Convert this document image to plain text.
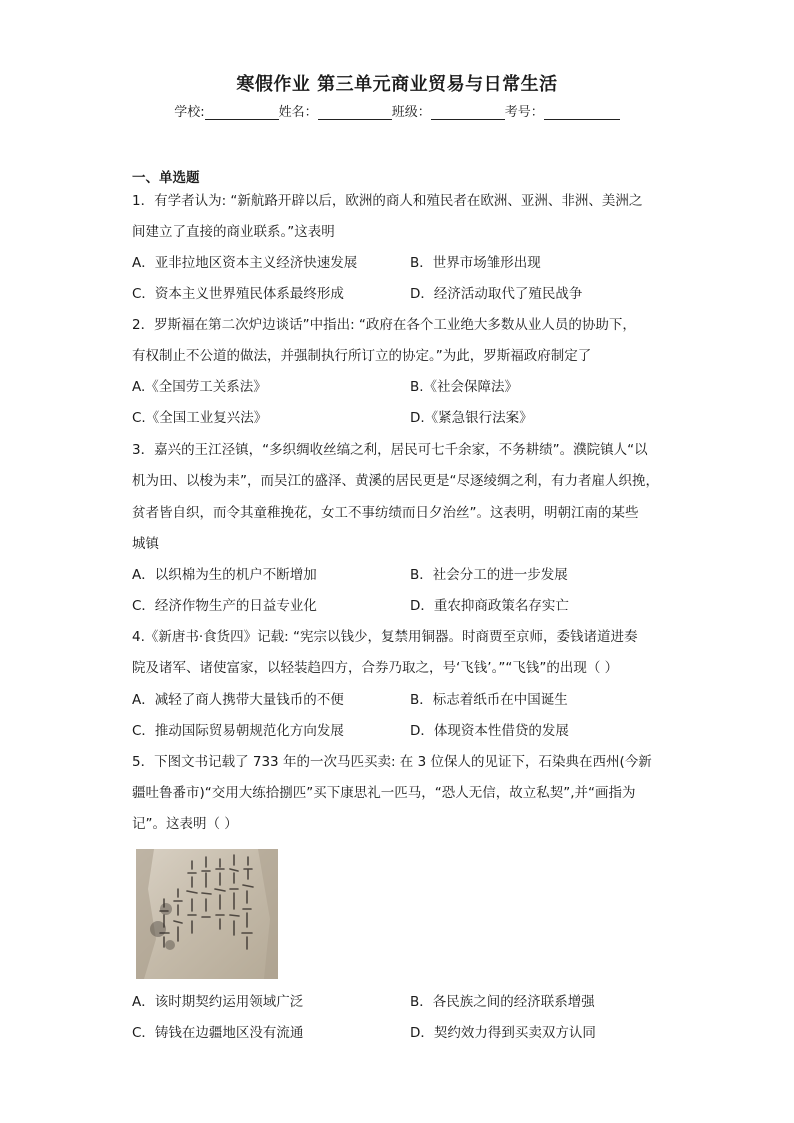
寒假作业 第三单元商业贸易与日常生活
学校:	姓名：	班级：	考号：
一、单选题
1．有学者认为: “新航路开辟以后，欧洲的商人和殖民者在欧洲、亚洲、非洲、美洲之
间建立了直接的商业联系。”这表明
A．亚非拉地区资本主义经济快速发展	B．世界市场雏形出现
C．资本主义世界殖民体系最终形成	D．经济活动取代了殖民战争
2．罗斯福在第二次炉边谈话”中指出: “政府在各个工业绝大多数从业人员的协助下，
有权制止不公道的做法，并强制执行所订立的协定。”为此，罗斯福政府制定了
A.《全国劳工关系法》	B.《社会保障法》
C.《全国工业复兴法》	D.《紧急银行法案》
3．嘉兴的王江泾镇，“多织绸收丝缟之利，居民可七千余家，不务耕绩”。濮院镇人“以
机为田、以梭为耒”，而吴江的盛泽、黄溪的居民更是“尽逐绫绸之利，有力者雇人织挽，
贫者皆自织，而令其童稚挽花，女工不事纺绩而日夕治丝”。这表明，明朝江南的某些
城镇
A．以织棉为生的机户不断增加	B．社会分工的进一步发展
C．经济作物生产的日益专业化	D．重农抑商政策名存实亡
4.《新唐书·食货四》记载: “宪宗以钱少，复禁用铜器。时商贾至京师，委钱诸道进奏
院及诸军、诸使富家，以轻装趋四方，合券乃取之，号‘飞钱’。”“飞钱”的出现（ ）
A．减轻了商人携带大量钱币的不便	B．标志着纸币在中国诞生
C．推动国际贸易朝规范化方向发展	D．体现资本性借贷的发展
5．下图文书记载了 733 年的一次马匹买卖: 在 3 位保人的见证下，石染典在西州(今新
疆吐鲁番市)“交用大练拾捌匹”买下康思礼一匹马，“恐人无信，故立私契”,并“画指为
记”。这表明（ ）
A．该时期契约运用领域广泛	B．各民族之间的经济联系增强
C．铸钱在边疆地区没有流通	D．契约效力得到买卖双方认同
